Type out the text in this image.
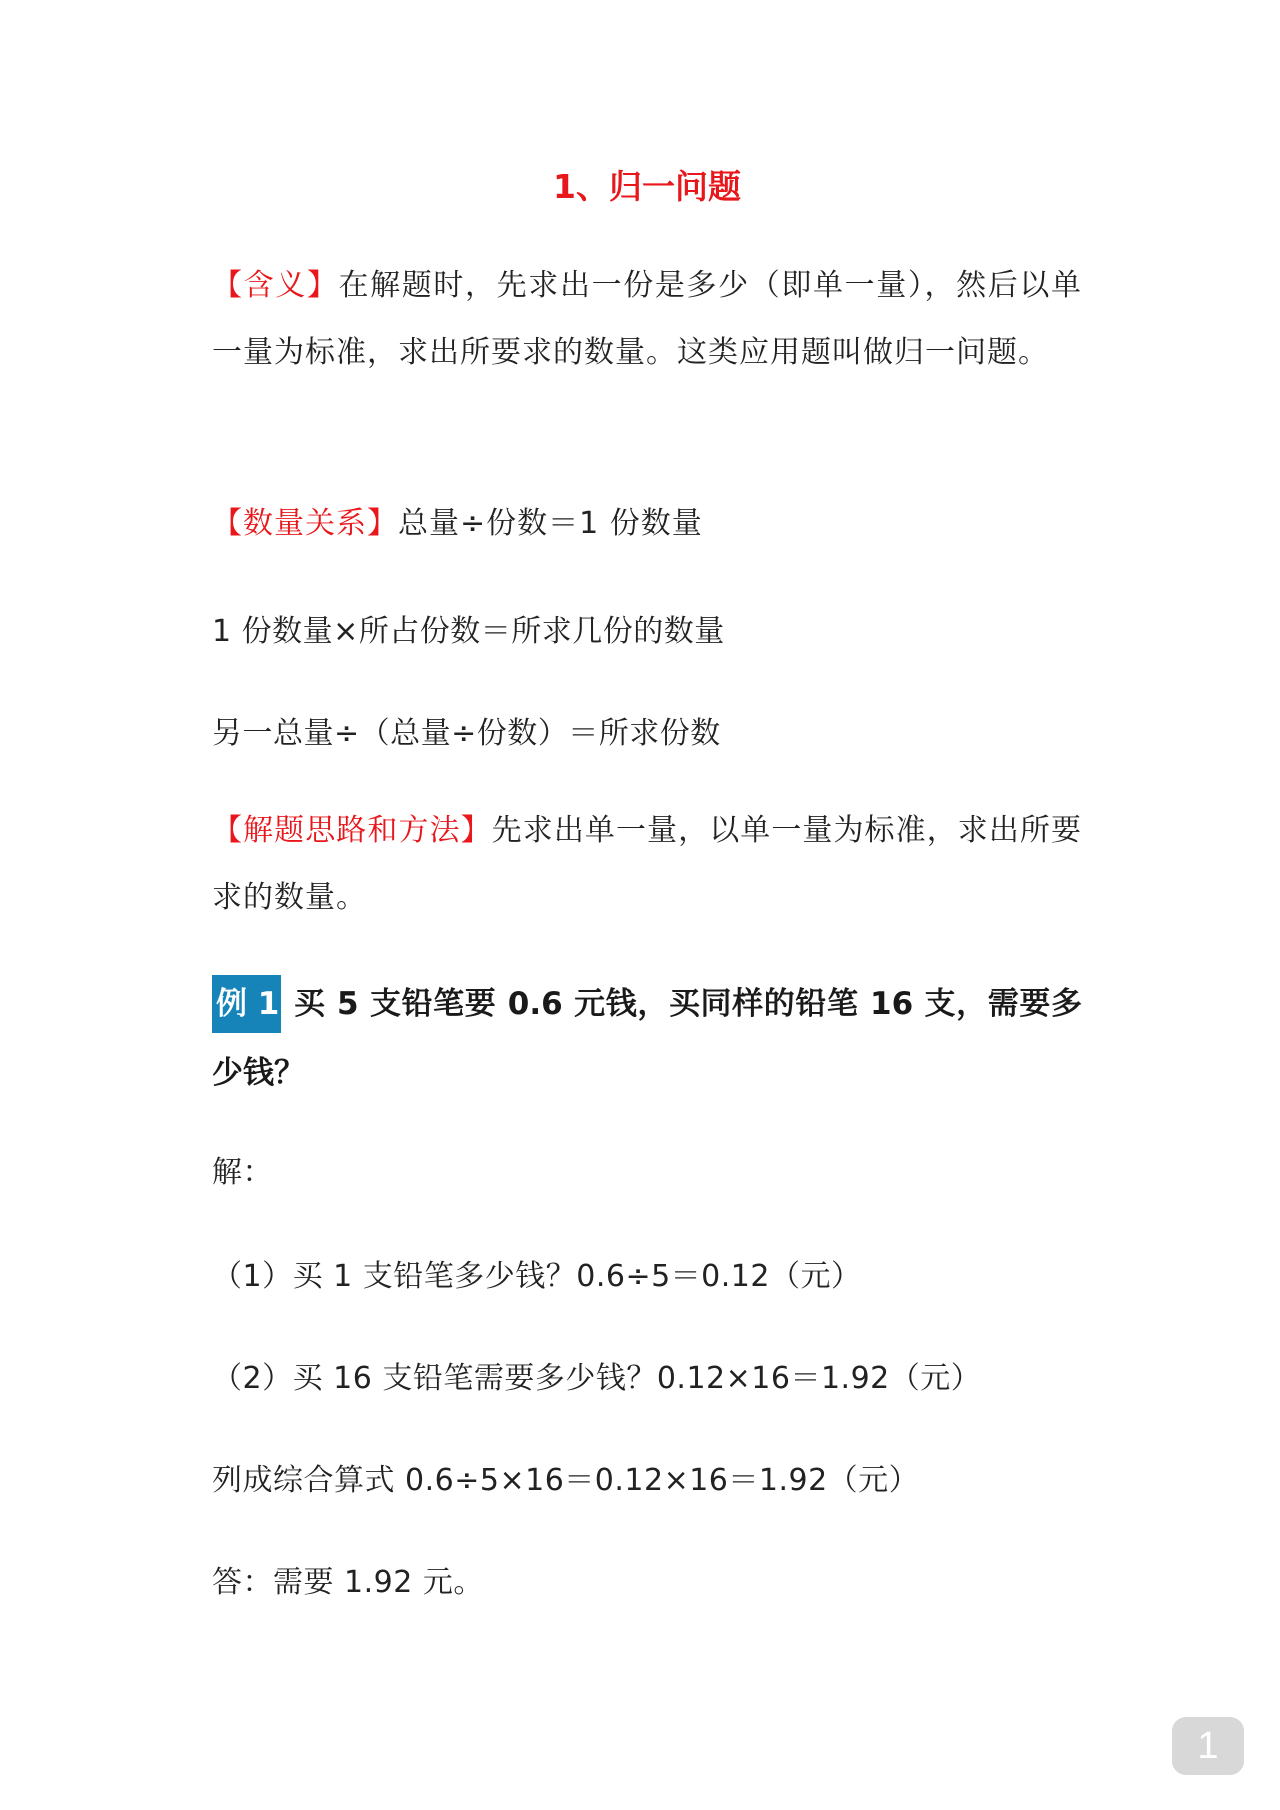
1、归一问题
【含义】在解题时，先求出一份是多少（即单一量），然后以单一量为标准，求出所要求的数量。这类应用题叫做归一问题。
【数量关系】总量÷份数＝1 份数量
1 份数量×所占份数＝所求几份的数量
另一总量÷（总量÷份数）＝所求份数
【解题思路和方法】先求出单一量，以单一量为标准，求出所要求的数量。
例 1 买 5 支铅笔要 0.6 元钱，买同样的铅笔 16 支，需要多少钱？
解：
（1）买 1 支铅笔多少钱？0.6÷5＝0.12（元）
（2）买 16 支铅笔需要多少钱？0.12×16＝1.92（元）
列成综合算式 0.6÷5×16＝0.12×16＝1.92（元）
答：需要 1.92 元。
1
